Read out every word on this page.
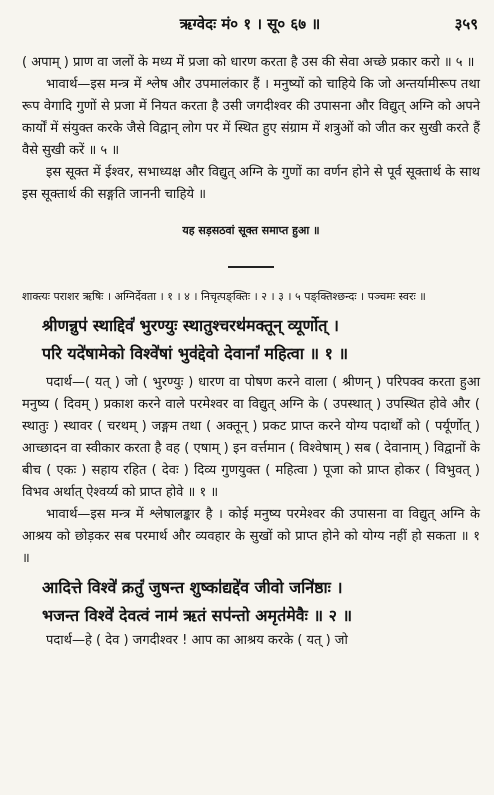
ऋग्वेदः मं० १ । सू० ६७ ॥	३५९

( अपाम् ) प्राण वा जलों के मध्य में प्रजा को धारण करता है उस की सेवा अच्छे प्रकार करो ॥ ५ ॥

भावार्थ—इस मन्त्र में श्लेष और उपमालंकार हैं । मनुष्यों को चाहिये कि जो अन्तर्यामीरूप तथा रूप वेगादि गुणों से प्रजा में नियत करता है उसी जगदीश्वर की उपासना और विद्युत् अग्नि को अपने कार्यों में संयुक्त करके जैसे विद्वान् लोग पर में स्थित हुए संग्राम में शत्रुओं को जीत कर सुखी करते हैं वैसे सुखी करें ॥ ५ ॥

इस सूक्त में ईश्वर, सभाध्यक्ष और विद्युत् अग्नि के गुणों का वर्णन होने से पूर्व सूक्तार्थ के साथ इस सूक्तार्थ की सङ्गति जाननी चाहिये ॥

यह सड़सठवां सूक्त समाप्त हुआ ॥

शाक्त्यः पराशर ऋषिः । अग्निर्देवता । १ । ४ । निचृत्पङ्क्तिः । २ । ३ । ५ पङ्क्तिश्छन्दः । पञ्चमः स्वरः ॥

श्रीणन्नुप॑ स्थाद्दिवं॑ भुरण्युः स्थातुश्चरथ॑मक्तून् व्यूर्णोत् ।

परि यदे॑षामेको विश्वे॑षां भुव॑द्देवो देवानां॑ महित्वा ॥ १ ॥

पदार्थ—( यत् ) जो ( भुरण्युः ) धारण वा पोषण करने वाला ( श्रीणन् ) परिपक्व करता हुआ मनुष्य ( दिवम् ) प्रकाश करने वाले परमेश्वर वा विद्युत् अग्नि के ( उपस्थात् ) उपस्थित होवे और ( स्थातुः ) स्थावर ( चरथम् ) जङ्गम तथा ( अक्तून् ) प्रकट प्राप्त करने योग्य पदार्थों को ( पर्यूर्णोत् ) आच्छादन वा स्वीकार करता है वह ( एषाम् ) इन वर्त्तमान ( विश्वेषाम् ) सब ( देवानाम् ) विद्वानों के बीच ( एकः ) सहाय रहित ( देवः ) दिव्य गुणयुक्त ( महित्वा ) पूजा को प्राप्त होकर ( विभुवत् ) विभव अर्थात् ऐश्वर्य्य को प्राप्त होवे ॥ १ ॥

भावार्थ—इस मन्त्र में श्लेषालङ्कार है । कोई मनुष्य परमेश्वर की उपासना वा विद्युत् अग्नि के आश्रय को छोड़कर सब परमार्थ और व्यवहार के सुखों को प्राप्त होने को योग्य नहीं हो सकता ॥ १ ॥

आदित्ते विश्वे॑ क्रतुं॑ जुषन्त शुष्का॑द्यद्दे॑व जीवो जनि॑ष्ठाः ।

भजन्त विश्वे॑ देवत्वं नाम॑ ऋतं सप॑न्तो अमृत॑मेवैः ॥ २ ॥

पदार्थ—हे ( देव ) जगदीश्वर ! आप का आश्रय करके ( यत् ) जो
